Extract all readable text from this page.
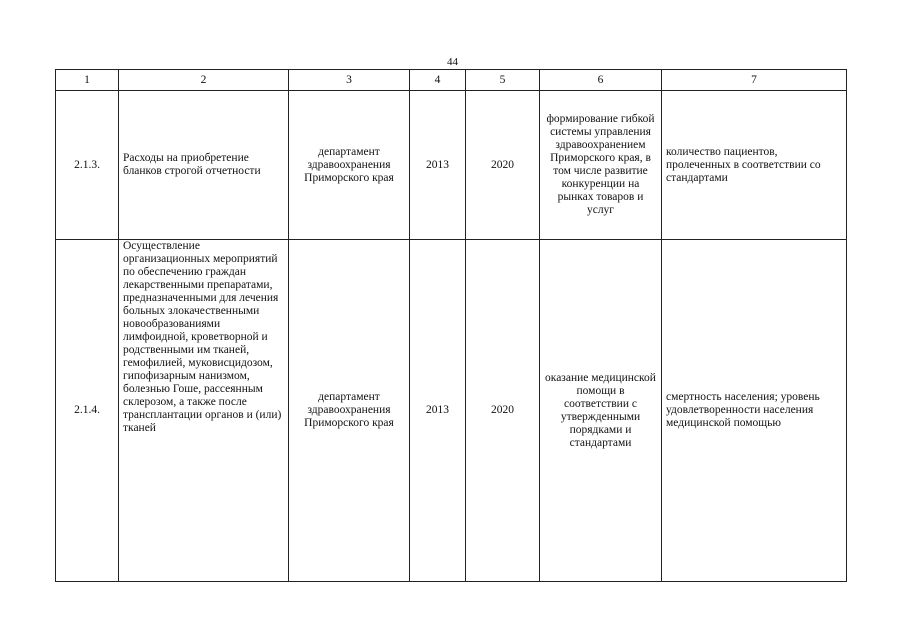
44
1	2	3	4	5	6	7
2.1.3.	Расходы на приобретение бланков строгой отчетности	департамент здравоохранения Приморского края	2013	2020	формирование гибкой системы управления здравоохранением Приморского края, в том числе развитие конкуренции на рынках товаров и услуг	количество пациентов, пролеченных в соответствии со стандартами
2.1.4.	Осуществление организационных мероприятий по обеспечению граждан лекарственными препаратами, предназначенными для лечения больных злокачественными новообразованиями лимфоидной, кроветворной и родственными им тканей, гемофилией, муковисцидозом, гипофизарным нанизмом, болезнью Гоше, рассеянным склерозом, а также после трансплантации органов и (или) тканей	департамент здравоохранения Приморского края	2013	2020	оказание медицинской помощи в соответствии с утвержденными порядками и стандартами	смертность населения; уровень удовлетворенности населения медицинской помощью
